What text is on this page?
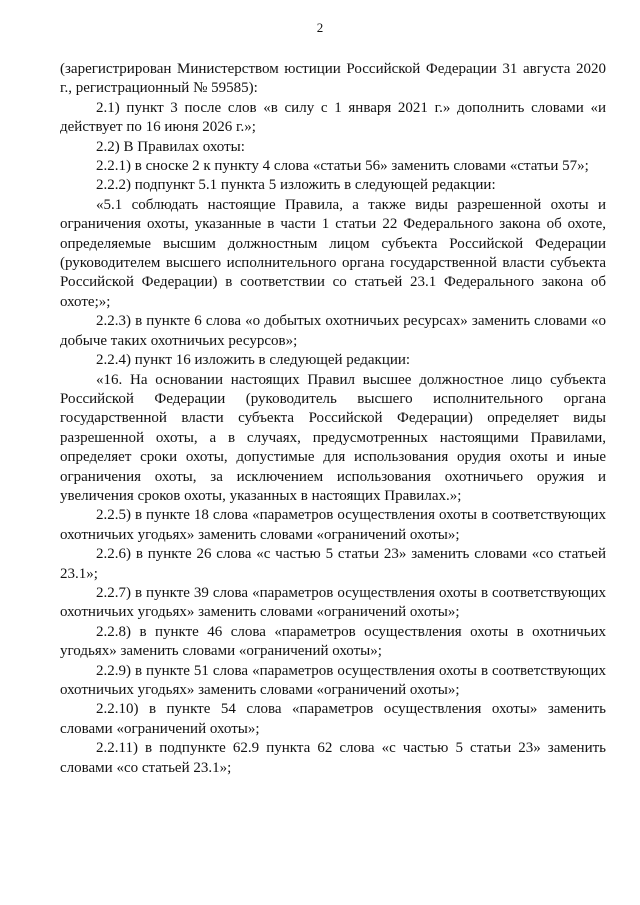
2

(зарегистрирован Министерством юстиции Российской Федерации 31 августа 2020 г., регистрационный № 59585):

2.1) пункт 3 после слов «в силу с 1 января 2021 г.» дополнить словами «и действует по 16 июня 2026 г.»;

2.2) В Правилах охоты:

2.2.1) в сноске 2 к пункту 4 слова «статьи 56» заменить словами «статьи 57»;

2.2.2) подпункт 5.1 пункта 5 изложить в следующей редакции:

«5.1 соблюдать настоящие Правила, а также виды разрешенной охоты и ограничения охоты, указанные в части 1 статьи 22 Федерального закона об охоте, определяемые высшим должностным лицом субъекта Российской Федерации (руководителем высшего исполнительного органа государственной власти субъекта Российской Федерации) в соответствии со статьей 23.1 Федерального закона об охоте;»;

2.2.3) в пункте 6 слова «о добытых охотничьих ресурсах» заменить словами «о добыче таких охотничьих ресурсов»;

2.2.4) пункт 16 изложить в следующей редакции:

«16. На основании настоящих Правил высшее должностное лицо субъекта Российской Федерации (руководитель высшего исполнительного органа государственной власти субъекта Российской Федерации) определяет виды разрешенной охоты, а в случаях, предусмотренных настоящими Правилами, определяет сроки охоты, допустимые для использования орудия охоты и иные ограничения охоты, за исключением использования охотничьего оружия и увеличения сроков охоты, указанных в настоящих Правилах.»;

2.2.5) в пункте 18 слова «параметров осуществления охоты в соответствующих охотничьих угодьях» заменить словами «ограничений охоты»;

2.2.6) в пункте 26 слова «с частью 5 статьи 23» заменить словами «со статьей 23.1»;

2.2.7) в пункте 39 слова «параметров осуществления охоты в соответствующих охотничьих угодьях» заменить словами «ограничений охоты»;

2.2.8) в пункте 46 слова «параметров осуществления охоты в охотничьих угодьях» заменить словами «ограничений охоты»;

2.2.9) в пункте 51 слова «параметров осуществления охоты в соответствующих охотничьих угодьях» заменить словами «ограничений охоты»;

2.2.10) в пункте 54 слова «параметров осуществления охоты» заменить словами «ограничений охоты»;

2.2.11) в подпункте 62.9 пункта 62 слова «с частью 5 статьи 23» заменить словами «со статьей 23.1»;
